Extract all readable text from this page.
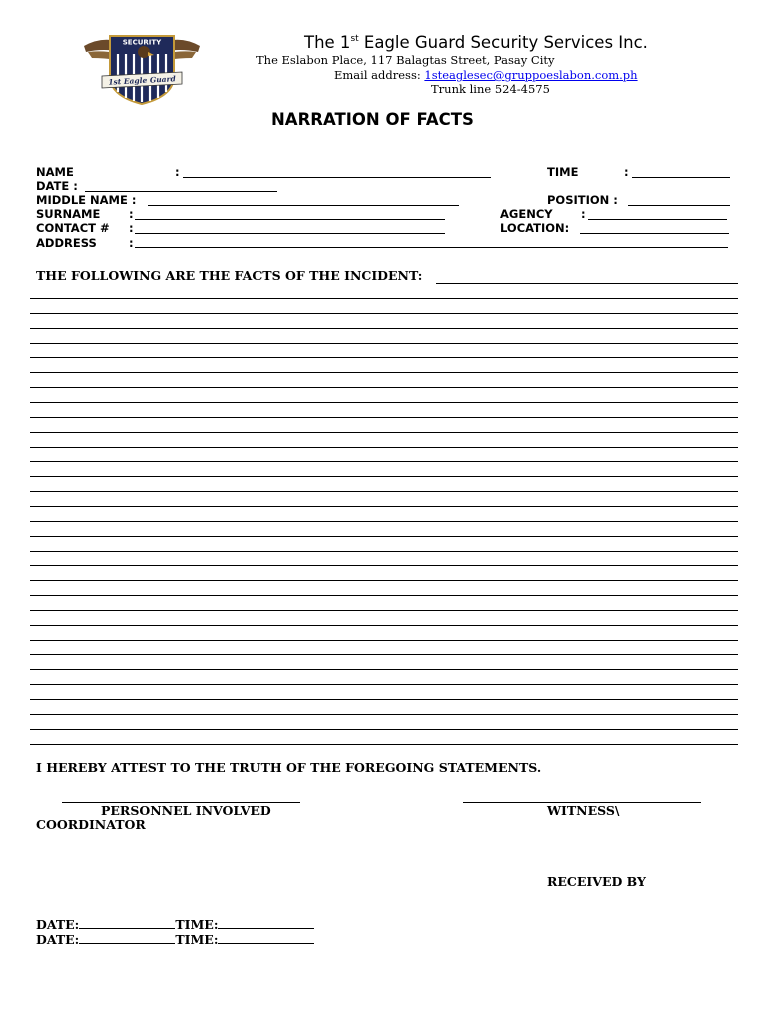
SECURITY
1st Eagle Guard
The 1st Eagle Guard Security Services Inc.
The Eslabon Place, 117 Balagtas Street, Pasay City
Email address: 1steaglesec@gruppoeslabon.com.ph
Trunk line 524-4575
NARRATION OF FACTS
NAME	:	TIME	:
DATE :
MIDDLE NAME :	POSITION :
SURNAME :	AGENCY :
CONTACT # :	LOCATION:
ADDRESS	:
THE FOLLOWING ARE THE FACTS OF THE INCIDENT:
I HEREBY ATTEST TO THE TRUTH OF THE FOREGOING STATEMENTS.
PERSONNEL INVOLVED
COORDINATOR
WITNESS\
RECEIVED BY
DATE:	TIME:
DATE:	TIME:
